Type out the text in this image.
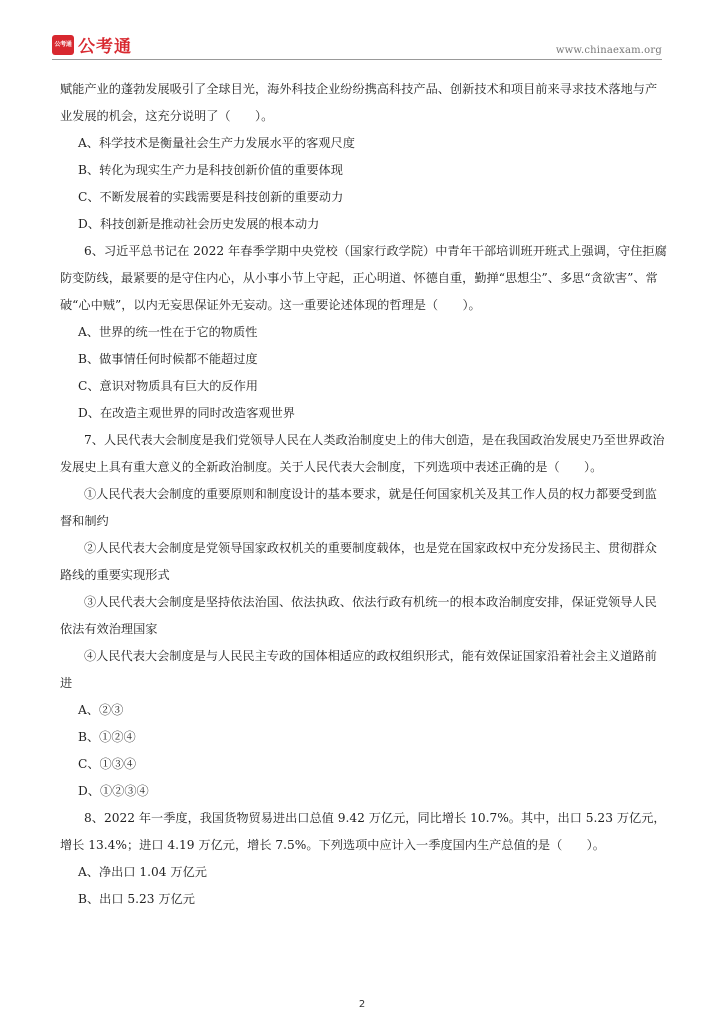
公考通 公考通	www.chinaexam.org

赋能产业的蓬勃发展吸引了全球目光，海外科技企业纷纷携高科技产品、创新技术和项目前来寻求技术落地与产业发展的机会，这充分说明了（　　）。

A、科学技术是衡量社会生产力发展水平的客观尺度

B、转化为现实生产力是科技创新价值的重要体现

C、不断发展着的实践需要是科技创新的重要动力

D、科技创新是推动社会历史发展的根本动力

6、习近平总书记在 2022 年春季学期中央党校（国家行政学院）中青年干部培训班开班式上强调，守住拒腐防变防线，最紧要的是守住内心，从小事小节上守起，正心明道、怀德自重，勤掸“思想尘”、多思“贪欲害”、常破“心中贼”，以内无妄思保证外无妄动。这一重要论述体现的哲理是（　　）。

A、世界的统一性在于它的物质性

B、做事情任何时候都不能超过度

C、意识对物质具有巨大的反作用

D、在改造主观世界的同时改造客观世界

7、人民代表大会制度是我们党领导人民在人类政治制度史上的伟大创造，是在我国政治发展史乃至世界政治发展史上具有重大意义的全新政治制度。关于人民代表大会制度，下列选项中表述正确的是（　　）。

①人民代表大会制度的重要原则和制度设计的基本要求，就是任何国家机关及其工作人员的权力都要受到监督和制约

②人民代表大会制度是党领导国家政权机关的重要制度载体，也是党在国家政权中充分发扬民主、贯彻群众路线的重要实现形式

③人民代表大会制度是坚持依法治国、依法执政、依法行政有机统一的根本政治制度安排，保证党领导人民依法有效治理国家

④人民代表大会制度是与人民民主专政的国体相适应的政权组织形式，能有效保证国家沿着社会主义道路前进

A、②③

B、①②④

C、①③④

D、①②③④

8、2022 年一季度，我国货物贸易进出口总值 9.42 万亿元，同比增长 10.7%。其中，出口 5.23 万亿元，增长 13.4%；进口 4.19 万亿元，增长 7.5%。下列选项中应计入一季度国内生产总值的是（　　）。

A、净出口 1.04 万亿元

B、出口 5.23 万亿元

2
